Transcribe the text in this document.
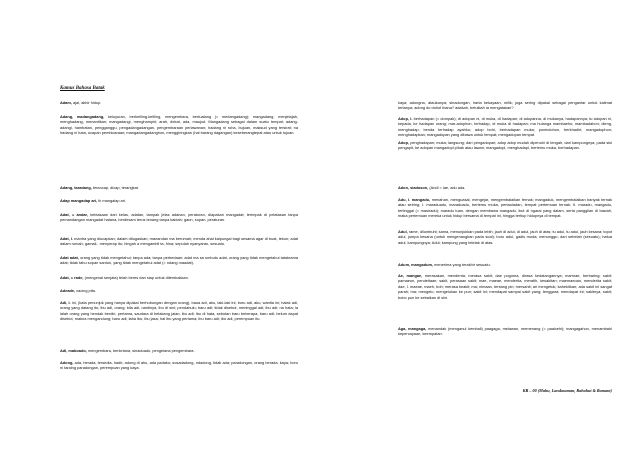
Kamus Bahasa Batak

Adam, ajal, akhir hidup.

Adang, madangadang, keluyuran, berkeliling-keliling, mengembara, bertualang (= medangadang); mangadang, menjelajah, menghadang, menantikan; mangadangi, menghampiri; arah, dekat, ada, maujud. Mangadang sebagai dalam suatu tempat; adang-adangi, hambatan, pengganggu, pengadangadangan, pengembaraan perlawanan; hadang ni roha, bujuan, maksud yang tersirat; na hadang ni hata, ucapan pembicaraan; mangadangadanghon, menggiringkan (hal barang dagangan) keseberangtepat atau untuk tujuan.

Adang, taradang, terancap, dicap, terangkat.

Adap mangadap ari, ih mangalap ari.

Adat, = andar, kebiasaan dari kelas, adatan, tampak jelas adanan, peraturan, diapakan mangadat; terimpak di pelatasan tanpa pemandangan mangadat hatana, berdirsam terus tenang tanpa kaidah; gaun, sopan, peraturan.

Adat, I. mantra yang diucapkan; dalam ditugaskan; manandan ma berumah; menda ahai kaipungai bagi sesama agar di buat, tekun; adat dalam rumah; gamali.. menyerap itu; hingah a mengambil ta, hina; sepulah nyanyaran, sesuatu.

Adat adat, orang yang tidak mengetahui; tanpa ada; tanpa perbedaan; adat ma sa umbuto adat, orang yang tidak mengetahui tatakrama adat; tidak tahu sopan santun, yang tidak mengetahui adat (= ndang maadat).

Adat, = rade, (mengenai senjata) telah beres dan siap untuk ditembakkan.

Adeade, cacing pita.

Adi, I. ini, (kata penunjuk yang hanya dipakai berhubungan dengan orang), baoa adi, aku, laki-laki ini; boru adi, aku, wanita ini; halak adi, orang yang datang itu; ibu adi, orang; bila adi, nantinya, ibu di sini; pendahulu; baru adi; tidak disebut, meninggal adi; ibu adi; na hata; ia ialah orang yang hendak berdiri, pertama, saudara di belakang jalan; ibu adi; ibu di hata, sebutan baru beberapa, baru adi; belum dapat disebut, makna mengandung; baru adi; laba ibu; ibu jasa; hal ibu yang pertama; ibu baru adi; ibu adi, perempuan itu.

Adi, maboado, mengembara, berkelana, sinadoado, pengelana pengembara.

Adong, ada, berada, tersedia, hadir; adong di ahu, ada padaku; sosadadong, ndadong, tidak ada; paradongan, orang berada, kaya; boru ni taraing paradongan, perempuan yang kaya.

kaya; adongna, ataukanya; sinadongan, harta kekayaan, milik; juga sering dipakai sebagai pengantar untuk kalimat tertanya; adong do dohot ibana? adakah, betulkah ia mengatakan?

Adop, I. berhadapan (= dompak); di adopan ni, di muka, di hadapan; di adopanna, di mukanya, hadapannya; tu adopan ni, kepada, ke hadapan orang; mar-adophon, terhadap, di muka di hadapan; ma hulanga mambaehu; mambadahon; dieng, menghadap; benda terhadap ayahku; adop bohi, berhadapan muka; ponindohon, berkhadiri; mangadophon; menghadapkan; mangadopan yang dibawa untuk tempat; mengadopan tempat.

Adop, penghadapan; muka; langsung; dari pengadopan; adop adop mudah dipenuhi di tengah, dari kampungnya, pada sisi pengapit, ke adopan mangadopi pihak atau lawan; mangadopi, menghadapi, bertemu muka, berhadapan.

Adon, siadoson, (Andi = lae, adu ada.

Adu, I. mangadu, menahan, menguasai, mengejar, mengembalaikan ternak; mangaduk, mengembalaikan banyak ternak atau seiring; I. maraduadu, maraduadu, bertemu muka, pertauladan, tempat pertemuan ternak; II. maradu, mangadu, tertinggal (= masiradu); maradu tuan, dengan membawa mangadu, ikut di ngarai yang dalam, serta panggilan di bawah, maka pertemuan mereka untuk hidup bersama di tempat ini, hingga tertiup hidupnya di tempat.

Adul, rame, dilumbuhi; sama, menunjukkan pada lebih; jauh di adul, di adul, jauh di atas; tu adul, tu adul, jauh kesana; topot adul, jumpa kesana (untuk mengenangkan pada soal); boru adul, gadis muda; menunggu; dari sebelah (sesuatu); hatua adul, kampungnya; Adul; kampung yang teletak di atas.

Adum, mangadum, menerima yang terakhir sesuatu.

Ae, mangae, merasakan, mendenta, merasa sakit; dae pogoma, dirasa kedatangannya; marmae, berbaring; sakit; pamaeon, pendeitaan; sakit, perasaan sakit; mae, maeae, menderita, meratih, kesakitan; maemaeoan, menderita sakit; dae, I. maeae, maeh, boh; merasa keakit; ma; nimaan, tentang pin; mersahit; ari mengetuk; kahekitkan; ada sakit ini sangat parah; ma; mengelu; mengelukan ke pun; sakit ini; mendapat sampai sakit yang; tenggara; mendapat ini; sakitnya, sakit; bobo pun ke sebaikan di sini.

Aga, mangaga, menandak (menganul kembali) paagaga, melawan, memenang (= paalcehi); mangagahon, menambahi kepercayaan, keempatan.

KB – 00 (Mahu, Landasaman, Rahahut & Ramant)
